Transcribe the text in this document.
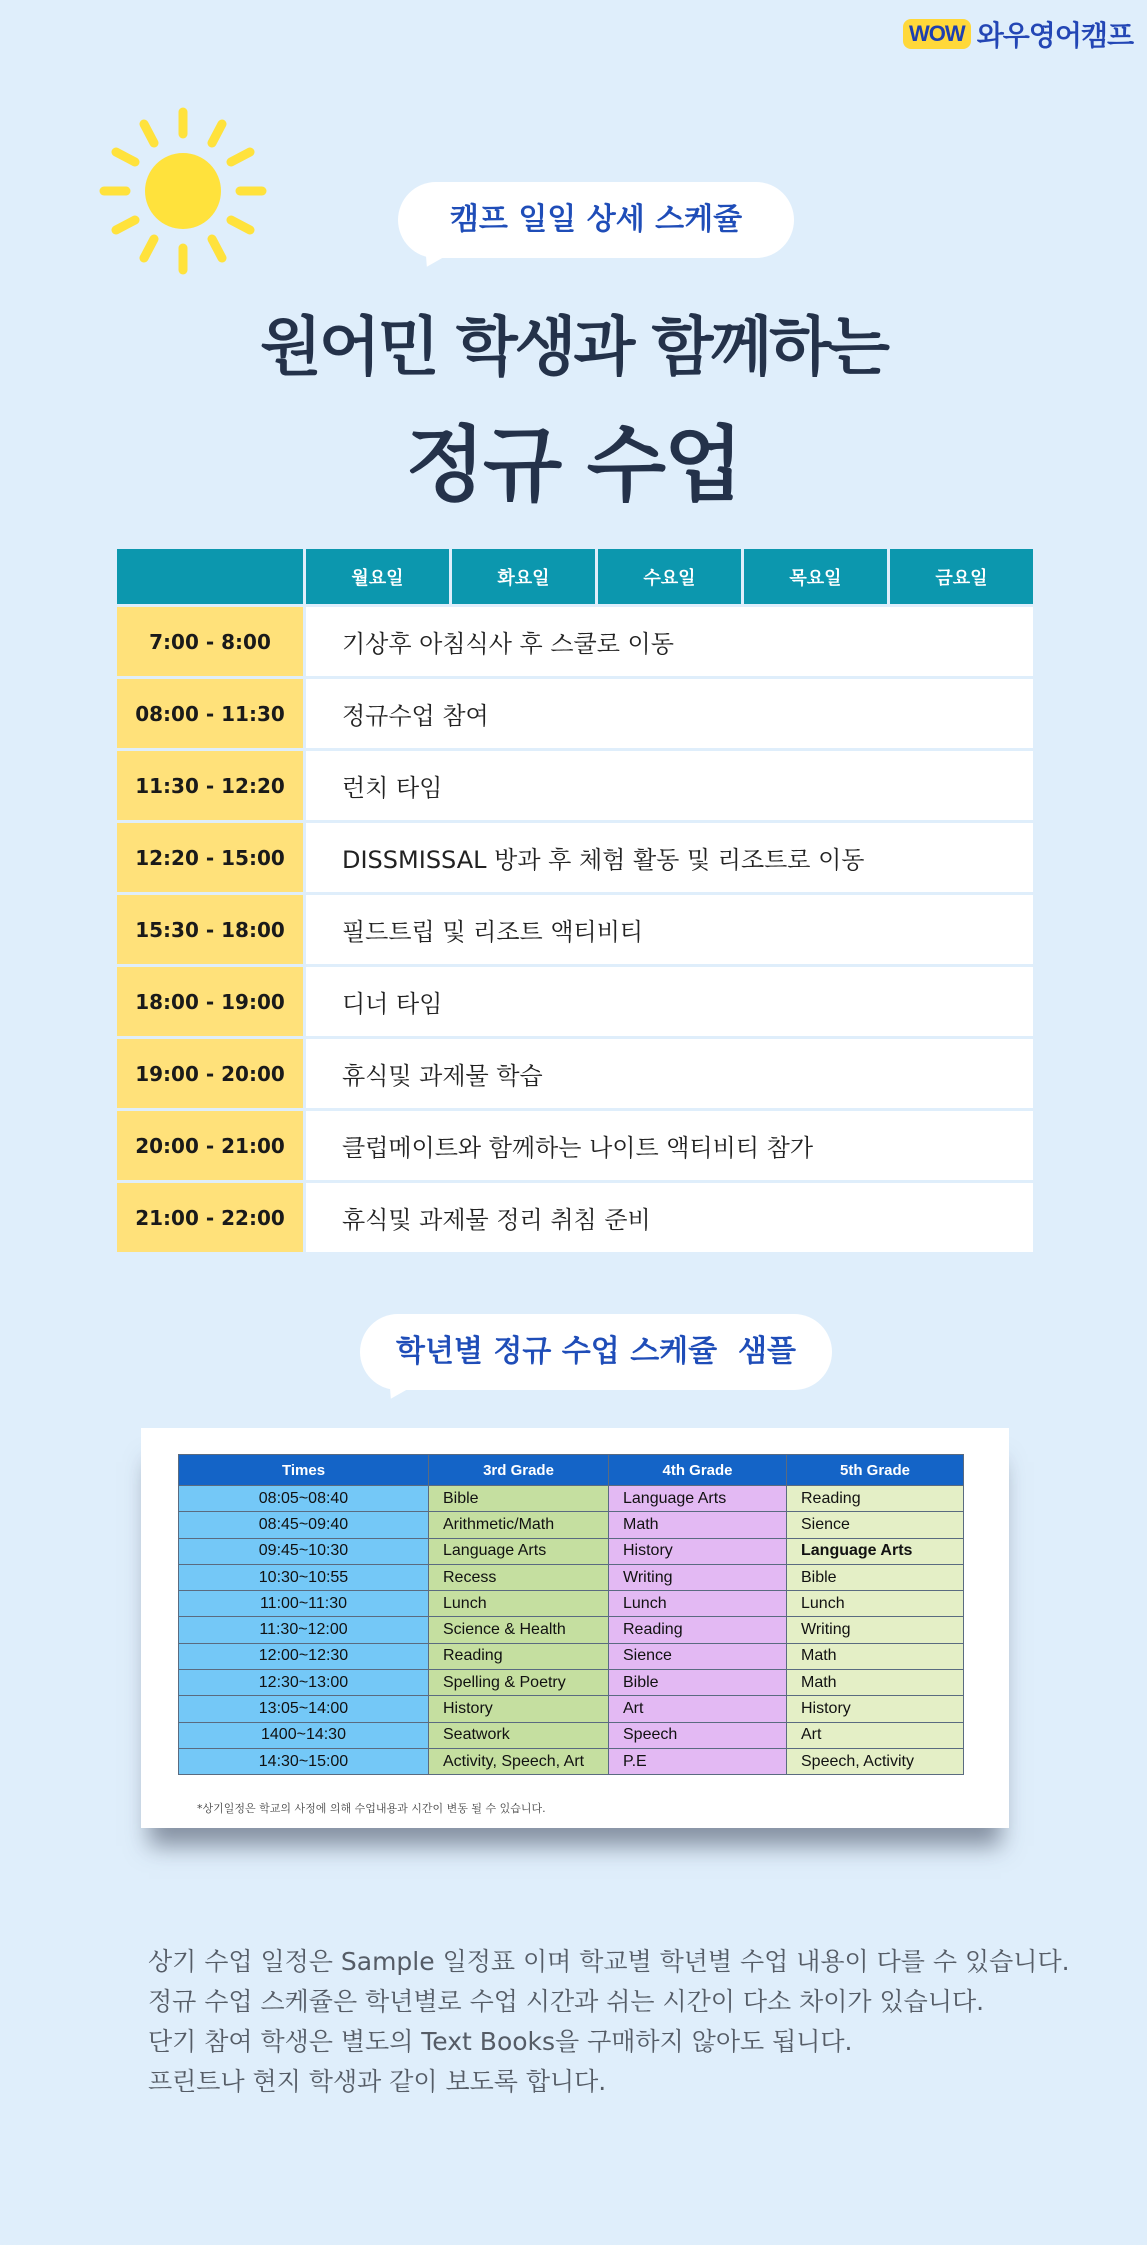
WOW 와우영어캠프
캠프 일일 상세 스케쥴
원어민 학생과 함께하는
정규 수업
월요일	화요일	수요일	목요일	금요일
7:00 - 8:00	기상후 아침식사 후 스쿨로 이동
08:00 - 11:30	정규수업 참여
11:30 - 12:20	런치 타임
12:20 - 15:00	DISSMISSAL 방과 후 체험 활동 및 리조트로 이동
15:30 - 18:00	필드트립 및 리조트 액티비티
18:00 - 19:00	디너 타임
19:00 - 20:00	휴식및 과제물 학습
20:00 - 21:00	클럽메이트와 함께하는 나이트 액티비티 참가
21:00 - 22:00	휴식및 과제물 정리 취침 준비
학년별 정규 수업 스케쥴  샘플
Times	3rd Grade	4th Grade	5th Grade
08:05~08:40	Bible	Language Arts	Reading
08:45~09:40	Arithmetic/Math	Math	Sience
09:45~10:30	Language Arts	History	Language Arts
10:30~10:55	Recess	Writing	Bible
11:00~11:30	Lunch	Lunch	Lunch
11:30~12:00	Science & Health	Reading	Writing
12:00~12:30	Reading	Sience	Math
12:30~13:00	Spelling & Poetry	Bible	Math
13:05~14:00	History	Art	History
1400~14:30	Seatwork	Speech	Art
14:30~15:00	Activity, Speech, Art	P.E	Speech, Activity
*상기일정은 학교의 사정에 의해 수업내용과 시간이 변동 될 수 있습니다.

상기 수업 일정은 Sample 일정표 이며 학교별 학년별 수업 내용이 다를 수 있습니다.

정규 수업 스케쥴은 학년별로 수업 시간과 쉬는 시간이 다소 차이가 있습니다.

단기 참여 학생은 별도의 Text Books을 구매하지 않아도 됩니다.

프린트나 현지 학생과 같이 보도록 합니다.
